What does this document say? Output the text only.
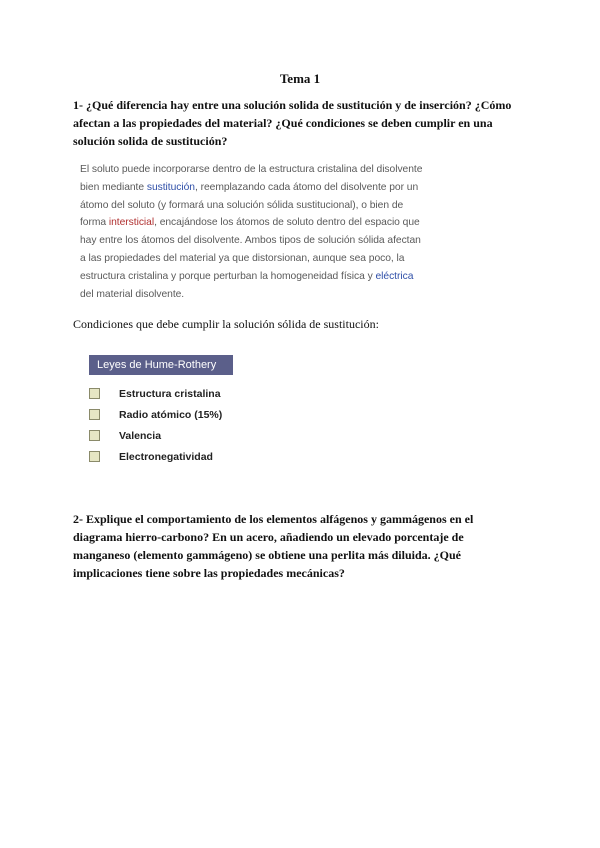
Tema 1
1- ¿Qué diferencia hay entre una solución solida de sustitución y de inserción? ¿Cómo
afectan a las propiedades del material? ¿Qué condiciones se deben cumplir en una
solución solida de sustitución?
El soluto puede incorporarse dentro de la estructura cristalina del disolvente
bien mediante sustitución, reemplazando cada átomo del disolvente por un
átomo del soluto (y formará una solución sólida sustitucional), o bien de
forma intersticial, encajándose los átomos de soluto dentro del espacio que
hay entre los átomos del disolvente. Ambos tipos de solución sólida afectan
a las propiedades del material ya que distorsionan, aunque sea poco, la
estructura cristalina y porque perturban la homogeneidad física y eléctrica
del material disolvente.
Condiciones que debe cumplir la solución sólida de sustitución:
Leyes de Hume-Rothery
Estructura cristalina
Radio atómico (15%)
Valencia
Electronegatividad
2- Explique el comportamiento de los elementos alfágenos y gammágenos en el
diagrama hierro-carbono? En un acero, añadiendo un elevado porcentaje de
manganeso (elemento gammágeno) se obtiene una perlita más diluida. ¿Qué
implicaciones tiene sobre las propiedades mecánicas?
